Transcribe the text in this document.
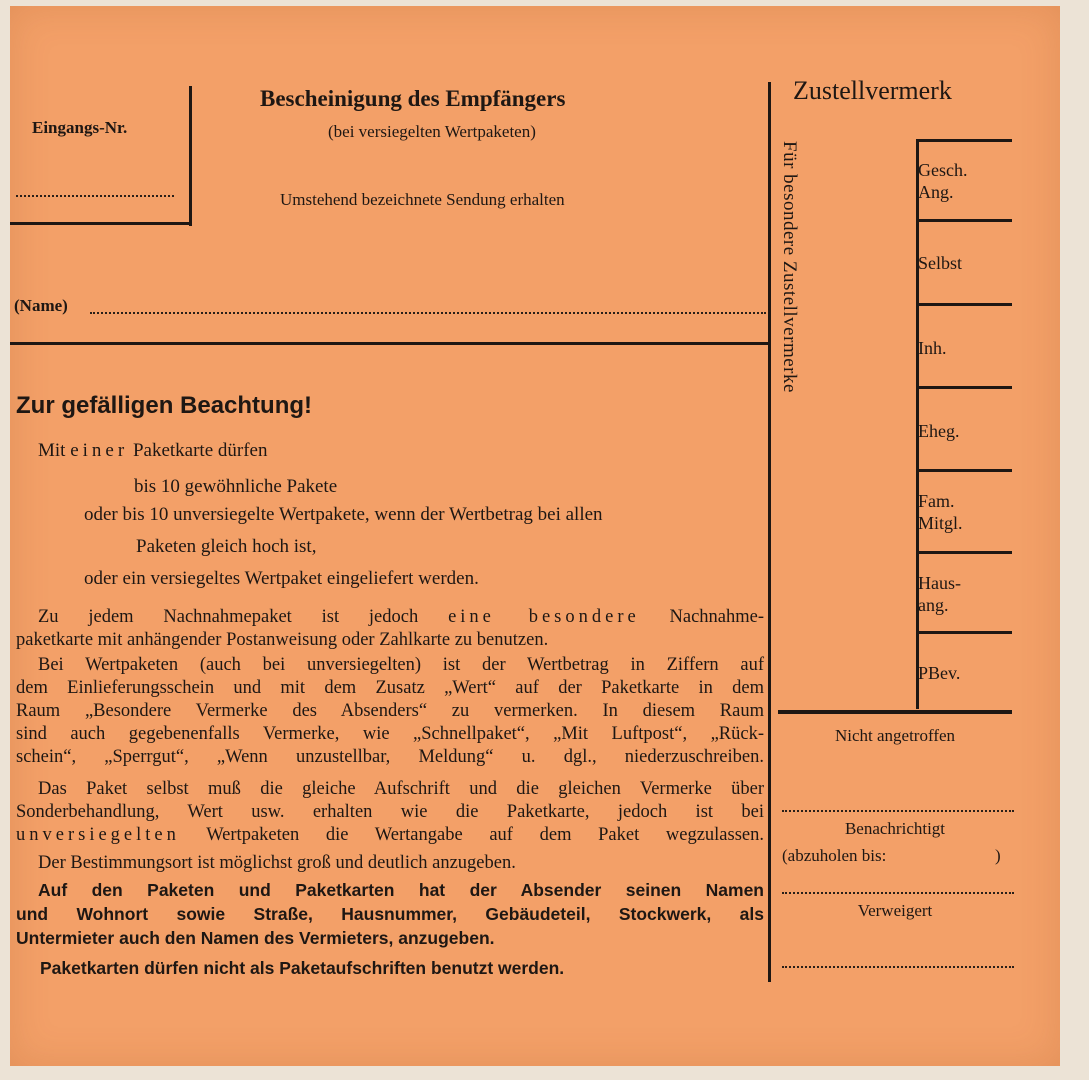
Eingangs-Nr.
Bescheinigung des Empfängers
(bei versiegelten Wertpaketen)
Umstehend bezeichnete Sendung erhalten
(Name)
Zustellvermerk
Für besondere Zustellvermerke	Gesch.
Ang.
Selbst
Inh.
Eheg.
Fam.
Mitgl.
Haus-
ang.
PBev.
Nicht angetroffen
Benachrichtigt
(abzuholen bis:	)
Verweigert
Zur gefälligen Beachtung!
Mit einer Paketkarte dürfen
bis 10 gewöhnliche Pakete
oder bis 10 unversiegelte Wertpakete, wenn der Wertbetrag bei allen
Paketen gleich hoch ist,
oder ein versiegeltes Wertpaket eingeliefert werden.
Zu jedem Nachnahmepaket ist jedoch eine besondere Nachnahme-
paketkarte mit anhängender Postanweisung oder Zahlkarte zu benutzen.
Bei Wertpaketen (auch bei unversiegelten) ist der Wertbetrag in Ziffern auf
dem Einlieferungsschein und mit dem Zusatz „Wert“ auf der Paketkarte in dem
Raum „Besondere Vermerke des Absenders“ zu vermerken. In diesem Raum
sind auch gegebenenfalls Vermerke, wie „Schnellpaket“, „Mit Luftpost“, „Rück-
schein“, „Sperrgut“, „Wenn unzustellbar, Meldung“ u. dgl., niederzuschreiben.
Das Paket selbst muß die gleiche Aufschrift und die gleichen Vermerke über
Sonderbehandlung, Wert usw. erhalten wie die Paketkarte, jedoch ist bei
unversiegelten Wertpaketen die Wertangabe auf dem Paket wegzulassen.
Der Bestimmungsort ist möglichst groß und deutlich anzugeben.
Auf den Paketen und Paketkarten hat der Absender seinen Namen
und Wohnort sowie Straße, Hausnummer, Gebäudeteil, Stockwerk, als
Untermieter auch den Namen des Vermieters, anzugeben.
Paketkarten dürfen nicht als Paketaufschriften benutzt werden.
